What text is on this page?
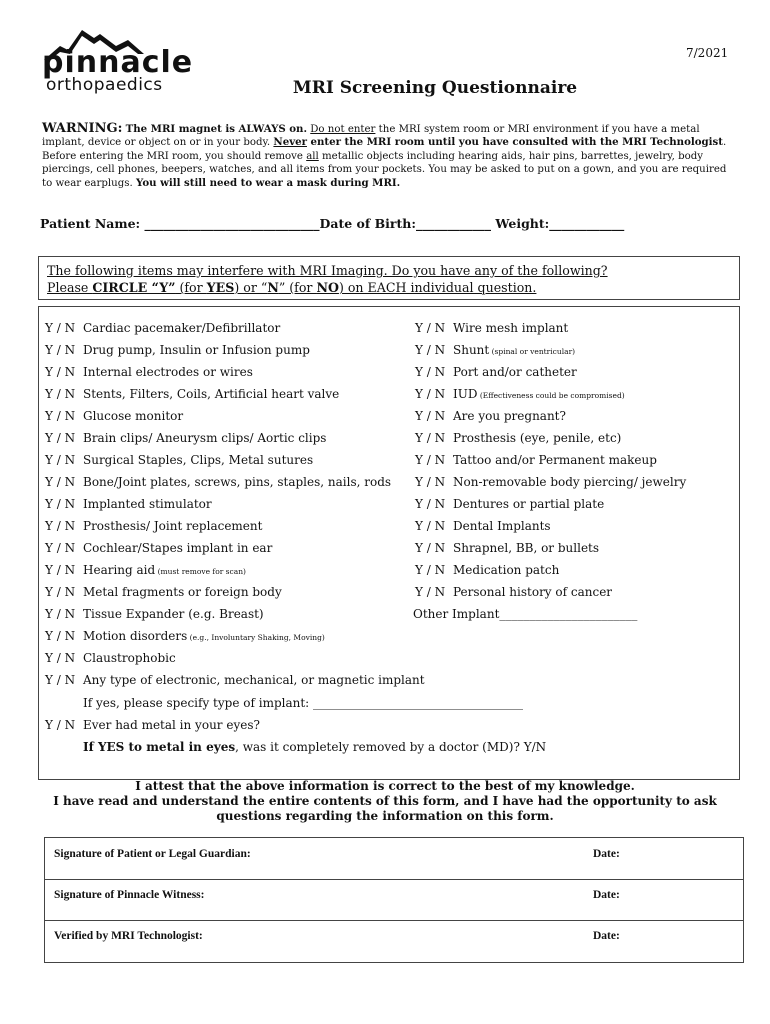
pinnacle
orthopaedics
7/2021
MRI Screening Questionnaire
WARNING: The MRI magnet is ALWAYS on. Do not enter the MRI system room or MRI environment if you have a metal implant, device or object on or in your body. Never enter the MRI room until you have consulted with the MRI Technologist. Before entering the MRI room, you should remove all metallic objects including hearing aids, hair pins, barrettes, jewelry, body piercings, cell phones, beepers, watches, and all items from your pockets. You may be asked to put on a gown, and you are required to wear earplugs. You will still need to wear a mask during MRI.
Patient Name: ____________________________Date of Birth:____________ Weight:____________
The following items may interfere with MRI Imaging. Do you have any of the following?
Please CIRCLE “Y” (for YES) or “N” (for NO) on EACH individual question.
Other Implant_______________________
If yes, please specify type of implant: ___________________________________
Y / N Ever had metal in your eyes?
If YES to metal in eyes, was it completely removed by a doctor (MD)? Y/N
Y / N Cardiac pacemaker/Defibrillator
Y / N Drug pump, Insulin or Infusion pump
Y / N Internal electrodes or wires
Y / N Stents, Filters, Coils, Artificial heart valve
Y / N Glucose monitor
Y / N Brain clips/ Aneurysm clips/ Aortic clips
Y / N Surgical Staples, Clips, Metal sutures
Y / N Bone/Joint plates, screws, pins, staples, nails, rods
Y / N Implanted stimulator
Y / N Prosthesis/ Joint replacement
Y / N Cochlear/Stapes implant in ear
Y / N Hearing aid (must remove for scan)
Y / N Metal fragments or foreign body
Y / N Tissue Expander (e.g. Breast)
Y / N Motion disorders (e.g., Involuntary Shaking, Moving)
Y / N Claustrophobic
Y / N Any type of electronic, mechanical, or magnetic implant
Y / N Wire mesh implant
Y / N Shunt (spinal or ventricular)
Y / N Port and/or catheter
Y / N IUD (Effectiveness could be compromised)
Y / N Are you pregnant?
Y / N Prosthesis (eye, penile, etc)
Y / N Tattoo and/or Permanent makeup
Y / N Non-removable body piercing/ jewelry
Y / N Dentures or partial plate
Y / N Dental Implants
Y / N Shrapnel, BB, or bullets
Y / N Medication patch
Y / N Personal history of cancer
I attest that the above information is correct to the best of my knowledge.
I have read and understand the entire contents of this form, and I have had the opportunity to ask
questions regarding the information on this form.
Signature of Patient or Legal Guardian:	Date:
Signature of Pinnacle Witness:	Date:
Verified by MRI Technologist:	Date:
